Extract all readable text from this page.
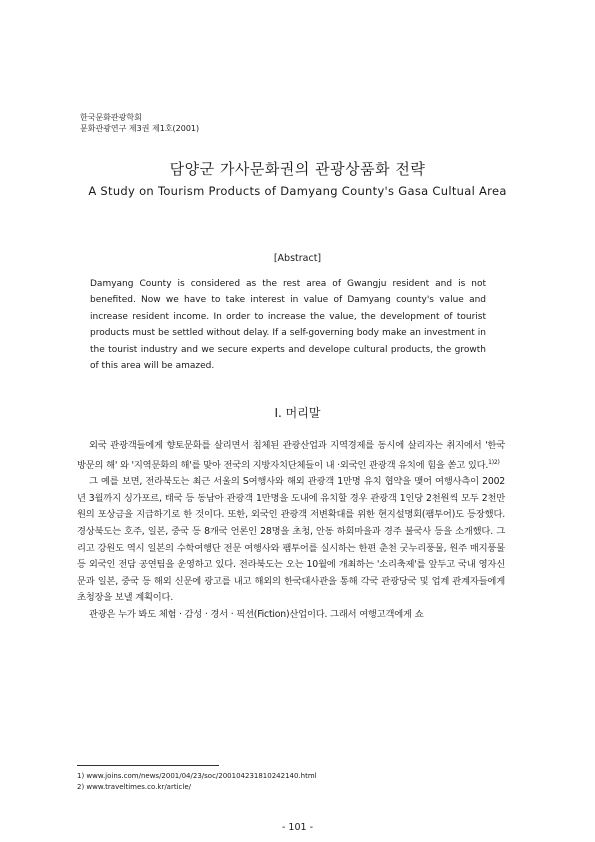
한국문화관광학회
문화관광연구 제3권 제1호(2001)
담양군 가사문화권의 관광상품화 전략
A Study on Tourism Products of Damyang County's Gasa Cultual Area
[Abstract]
Damyang County is considered as the rest area of Gwangju resident and is not benefited. Now we have to take interest in value of Damyang county's value and increase resident income. In order to increase the value, the development of tourist products must be settled without delay. If a self-governing body make an investment in the tourist industry and we secure experts and develope cultural products, the growth of this area will be amazed.
Ⅰ. 머리말

외국 관광객들에게 향토문화를 살리면서 침체된 관광산업과 지역경제를 동시에 살리자는 취지에서 '한국방문의 해' 와 '지역문화의 해'를 맞아 전국의 지방자치단체들이 내 ·외국인 관광객 유치에 힘을 쏟고 있다.$^{1)2)}$

그 예를 보면, 전라북도는 최근 서울의 S여행사와 해외 관광객 1만명 유치 협약을 맺어 여행사측이 2002년 3월까지 싱가포르, 태국 등 동남아 관광객 1만명을 도내에 유치할 경우 관광객 1인당 2천원씩 모두 2천만원의 포상금을 지급하기로 한 것이다. 또한, 외국인 관광객 저변확대를 위한 현지설명회(팸투어)도 등장했다. 경상북도는 호주, 일본, 중국 등 8개국 언론인 28명을 초청, 안동 하회마을과 경주 불국사 등을 소개했다. 그리고 강원도 역시 일본의 수학여행단 전문 여행사와 팸투어를 실시하는 한편 춘천 굿누리풍물, 원주 매지풍물 등 외국인 전담 공연팀을 운영하고 있다. 전라북도는 오는 10월에 개최하는 '소리축제'를 앞두고 국내 영자신문과 일본, 중국 등 해외 신문에 광고를 내고 해외의 한국대사관을 통해 각국 관광당국 및 업계 관계자들에게 초청장을 보낼 계획이다.

관광은 누가 봐도 체험 · 감성 · 경서 · 픽션(Fiction)산업이다. 그래서 여행고객에게 쇼

1) www.joins.com/news/2001/04/23/soc/200104231810242140.html
2) www.traveltimes.co.kr/article/
- 101 -
